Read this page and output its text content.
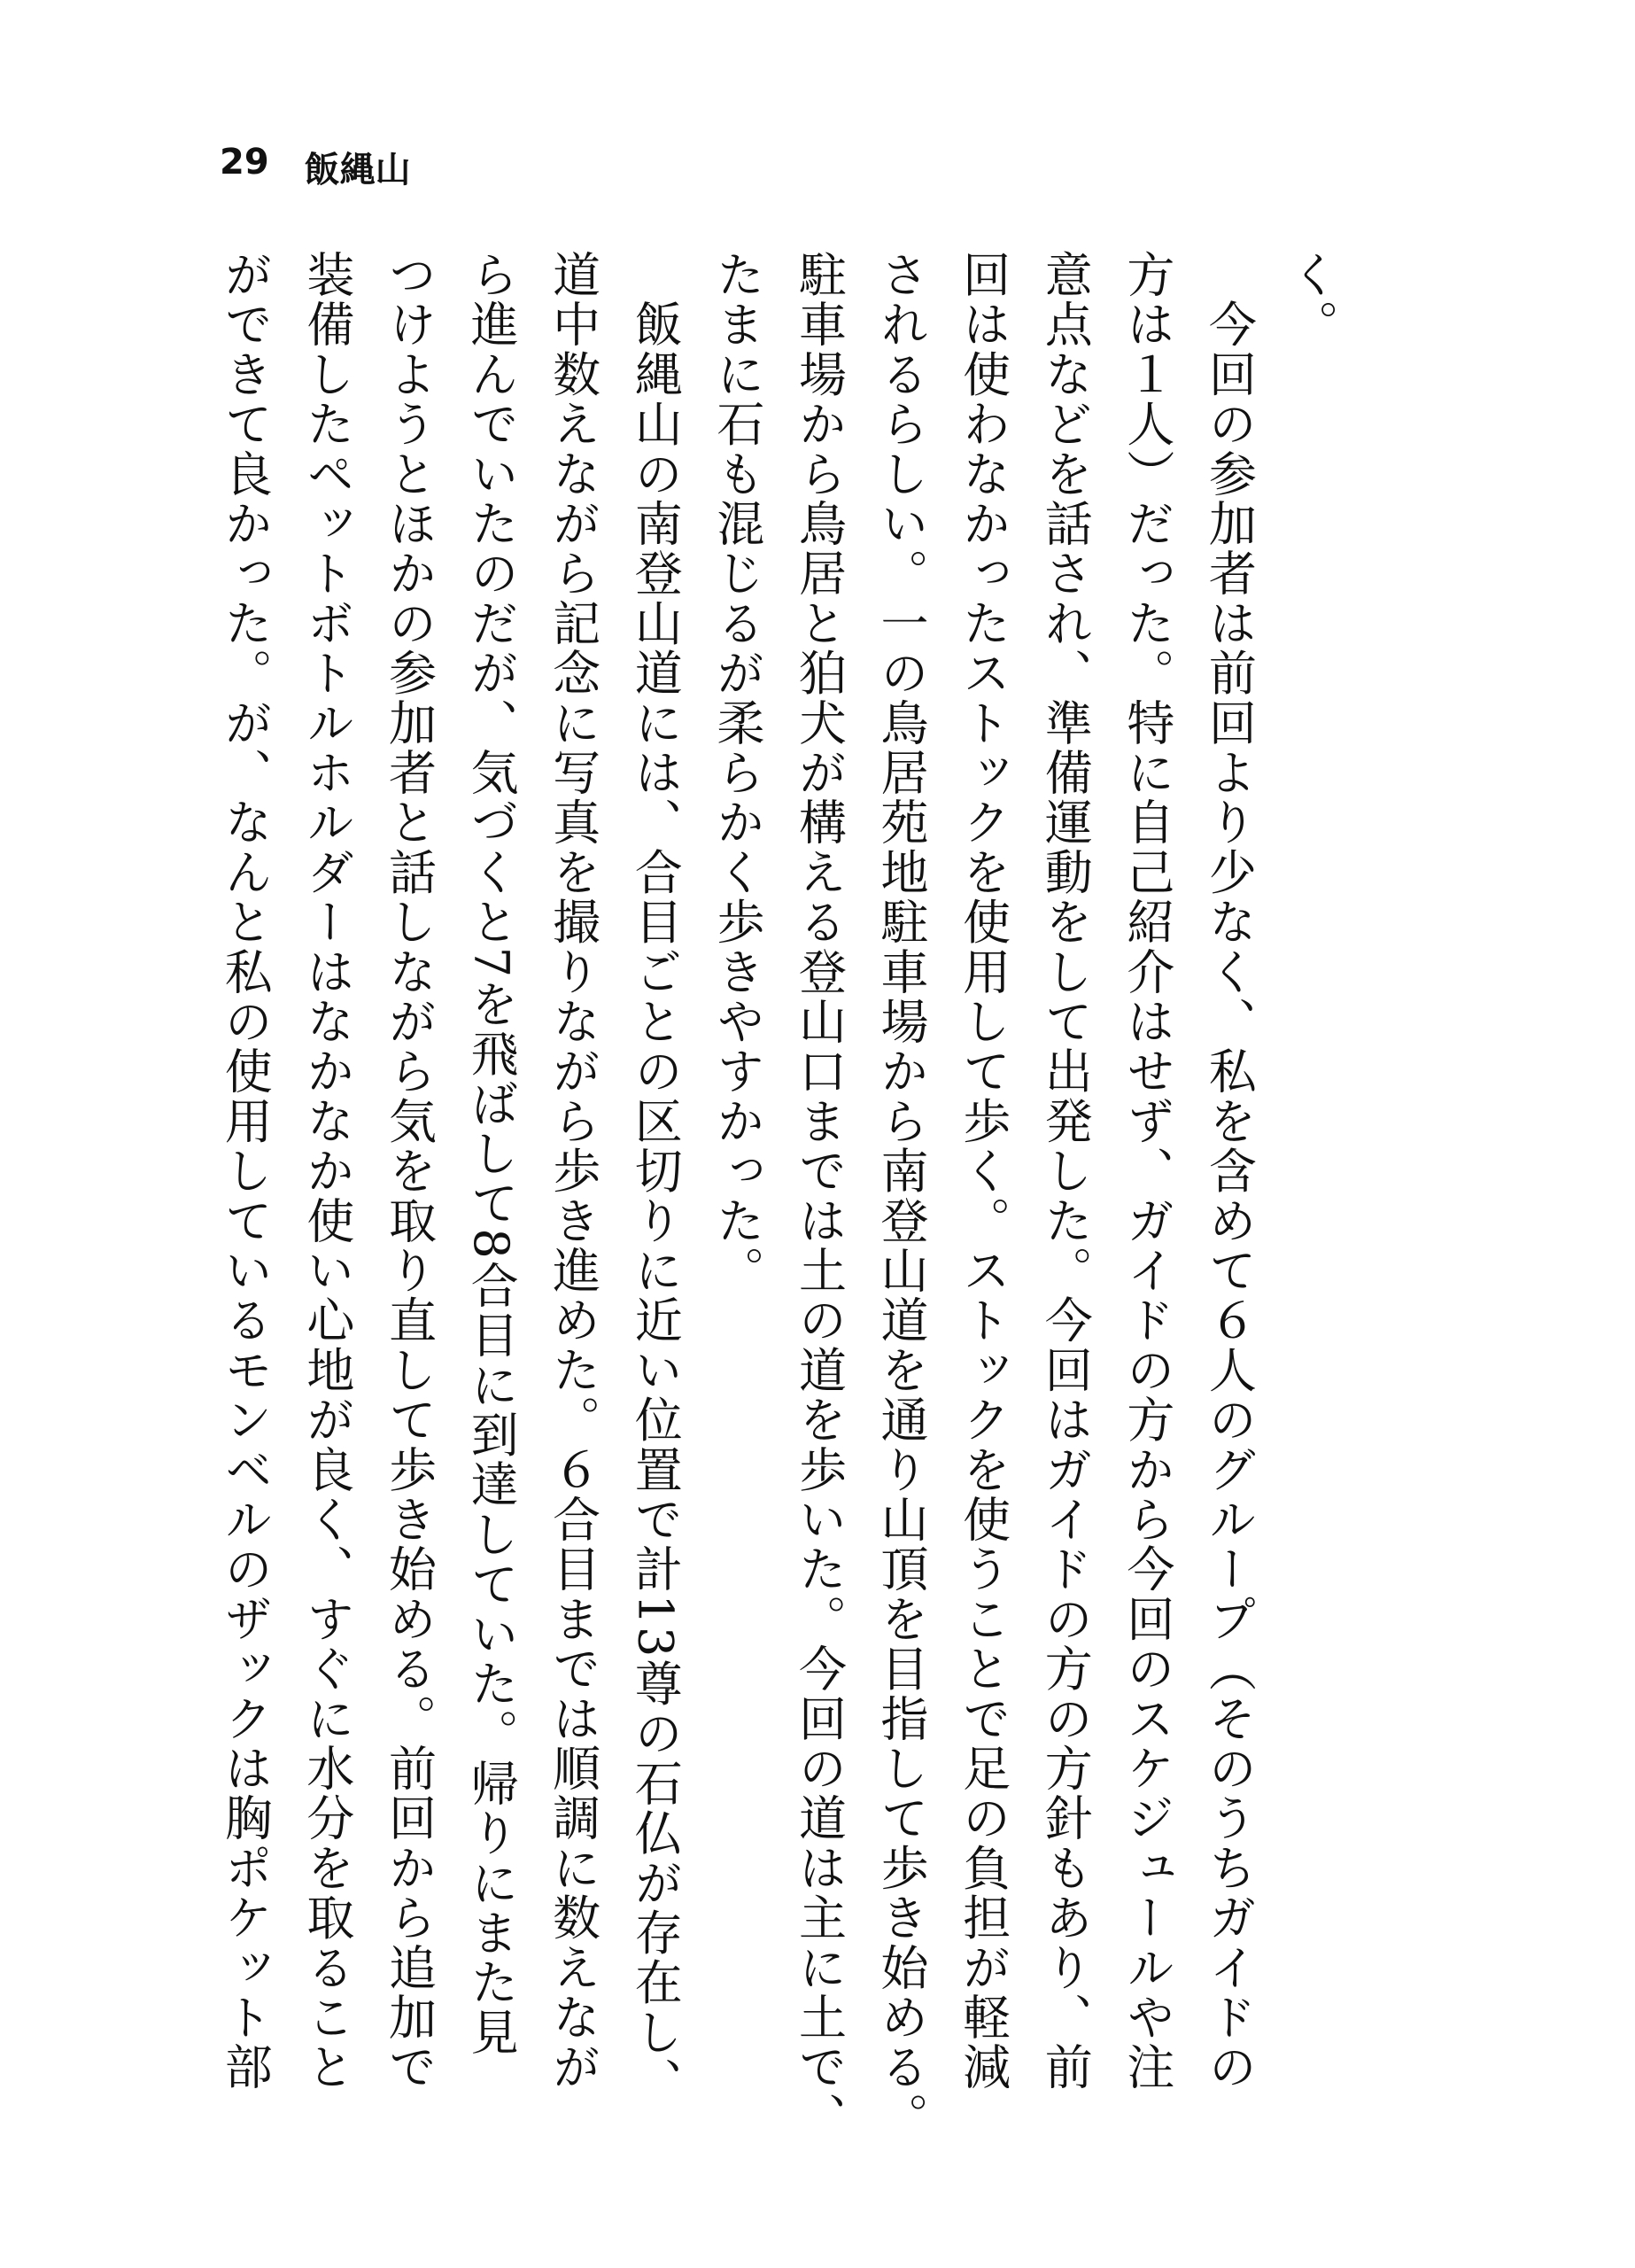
29 飯縄山
く。
　今回の参加者は前回より少なく、私を含めて６人のグループ（そのうちガイドの
方は１人）だった。特に自己紹介はせず、ガイドの方から今回のスケジュールや注
意点などを話され、準備運動をして出発した。今回はガイドの方の方針もあり、前
回は使わなかったストックを使用して歩く。ストックを使うことで足の負担が軽減
されるらしい。一の鳥居苑地駐車場から南登山道を通り山頂を目指して歩き始める。
駐車場から鳥居と狛犬が構える登山口までは土の道を歩いた。今回の道は主に土で、
たまに石も混じるが柔らかく歩きやすかった。
　飯縄山の南登山道には、合目ごとの区切りに近い位置で計13尊の石仏が存在し、
道中数えながら記念に写真を撮りながら歩き進めた。６合目までは順調に数えなが
ら進んでいたのだが、気づくと7を飛ばして8合目に到達していた。帰りにまた見
つけようとほかの参加者と話しながら気を取り直して歩き始める。前回から追加で
装備したペットボトルホルダーはなかなか使い心地が良く、すぐに水分を取ること
ができて良かった。が、なんと私の使用しているモンベルのザックは胸ポケット部
